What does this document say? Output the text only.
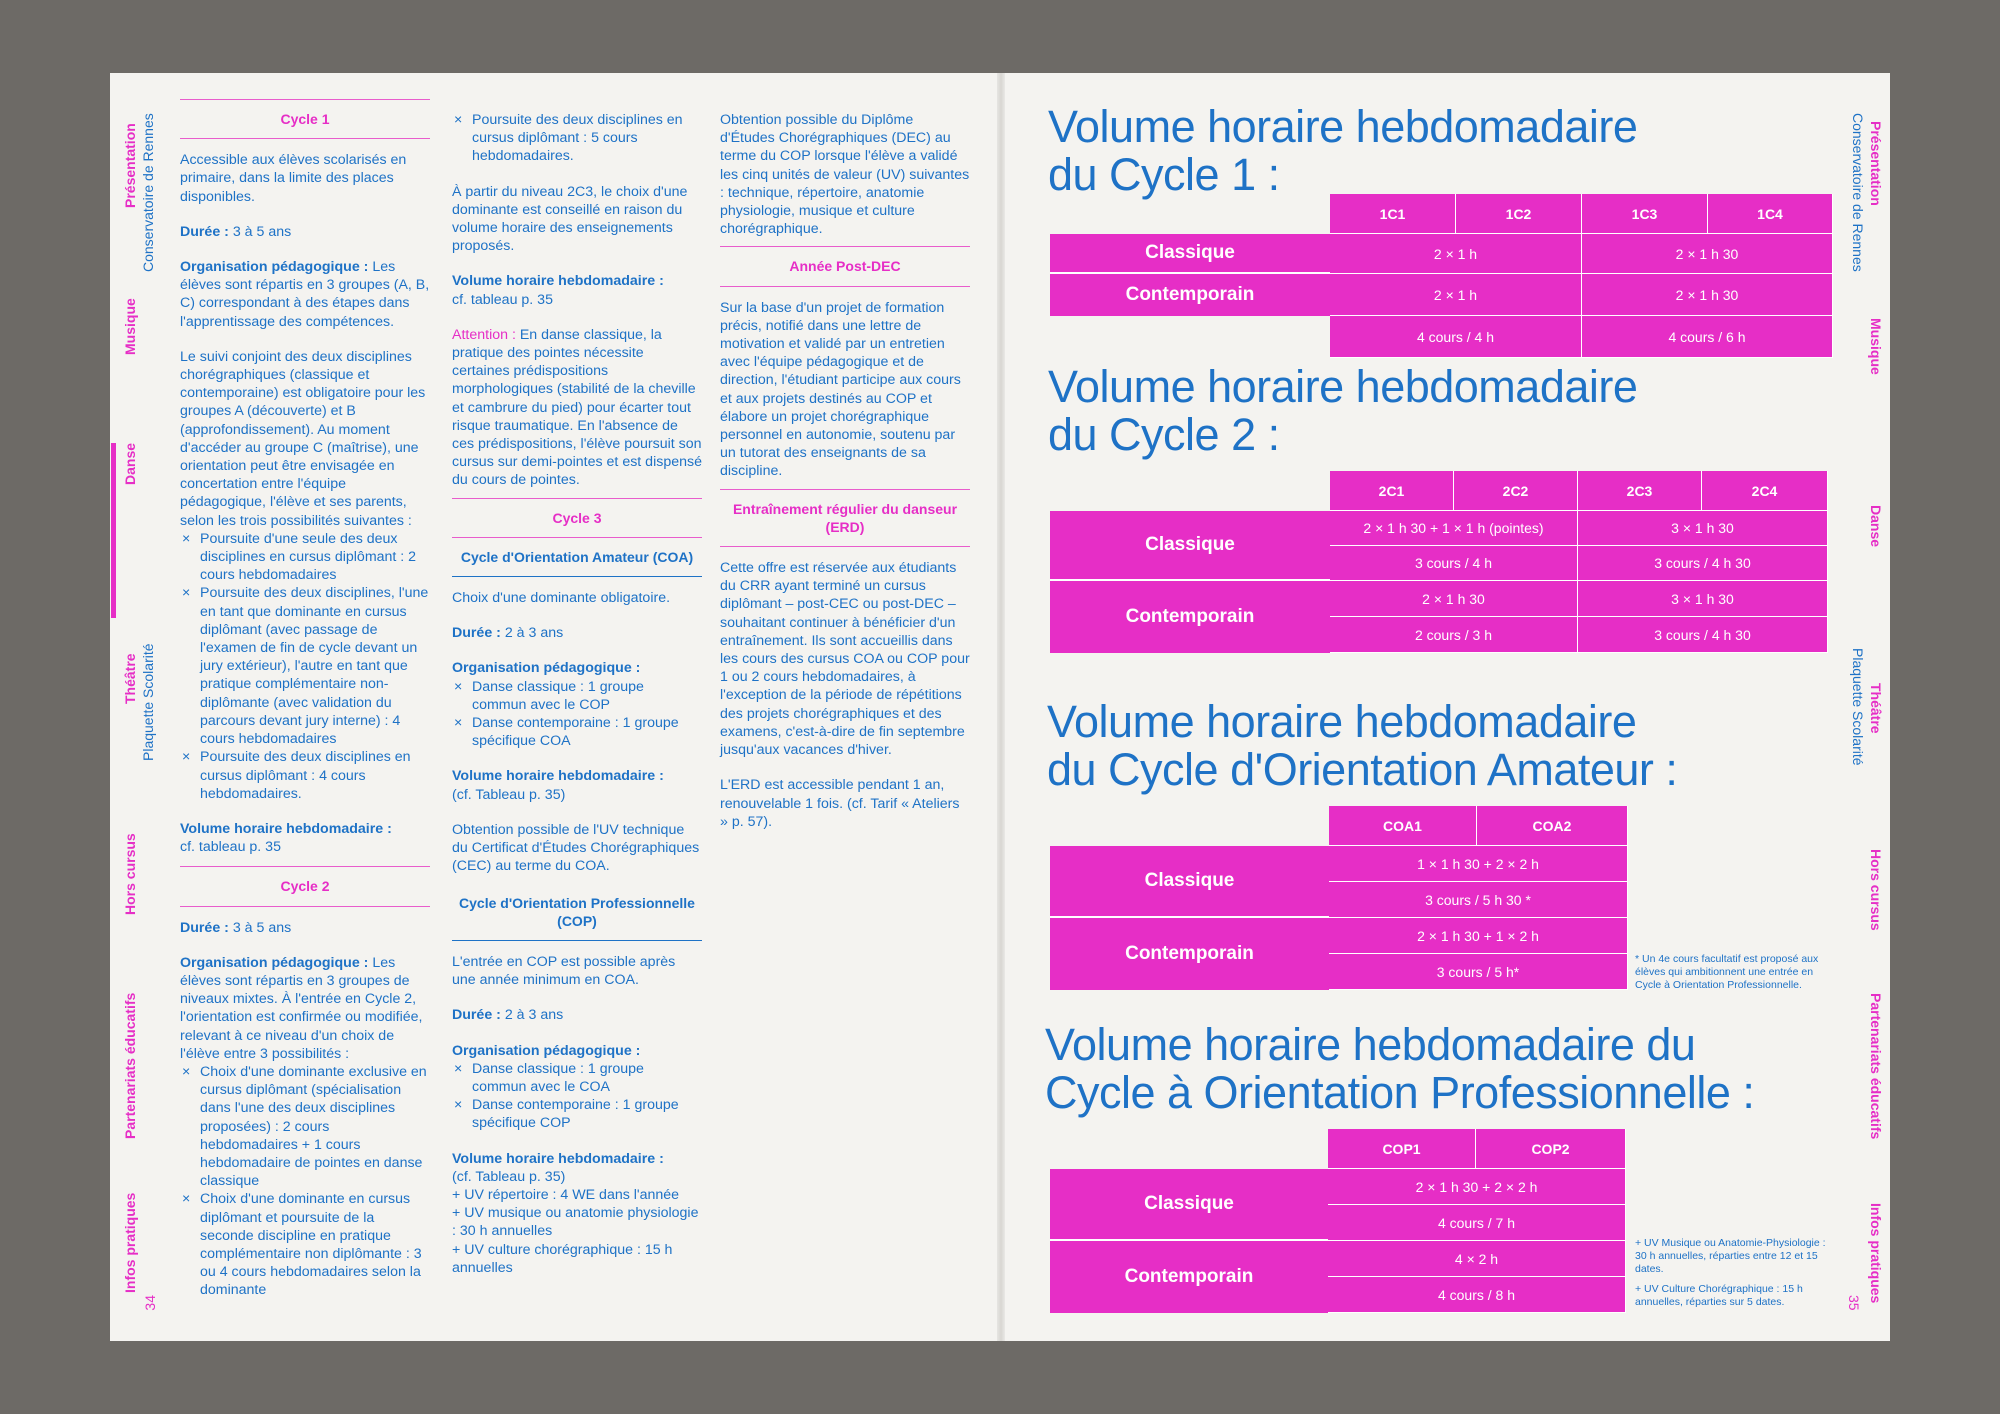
Présentation Conservatoire de Rennes
Musique
Danse
Théâtre Plaquette Scolarité
Hors cursus
Partenariats éducatifs
Infos pratiques
34
Cycle 1

Accessible aux élèves scolarisés en primaire, dans la limite des places disponibles.

Durée : 3 à 5 ans

Organisation pédagogique : Les élèves sont répartis en 3 groupes (A, B, C) correspondant à des étapes dans l'apprentissage des compétences.

Le suivi conjoint des deux disciplines chorégraphiques (classique et contemporaine) est obligatoire pour les groupes A (découverte) et B (approfondissement). Au moment d'accéder au groupe C (maîtrise), une orientation peut être envisagée en concertation entre l'équipe pédagogique, l'élève et ses parents, selon les trois possibilités suivantes :

× Poursuite d'une seule des deux disciplines en cursus diplômant : 2 cours hebdomadaires
× Poursuite des deux disciplines, l'une en tant que dominante en cursus diplômant (avec passage de l'examen de fin de cycle devant un jury extérieur), l'autre en tant que pratique complémentaire non-diplômante (avec validation du parcours devant jury interne) : 4 cours hebdomadaires
× Poursuite des deux disciplines en cursus diplômant : 4 cours hebdomadaires.

Volume horaire hebdomadaire :
cf. tableau p. 35

Cycle 2

Durée : 3 à 5 ans

Organisation pédagogique : Les élèves sont répartis en 3 groupes de niveaux mixtes. À l'entrée en Cycle 2, l'orientation est confirmée ou modifiée, relevant à ce niveau d'un choix de l'élève entre 3 possibilités :

× Choix d'une dominante exclusive en cursus diplômant (spécialisation dans l'une des deux disciplines proposées) : 2 cours hebdomadaires + 1 cours hebdomadaire de pointes en danse classique
× Choix d'une dominante en cursus diplômant et poursuite de la seconde discipline en pratique complémentaire non diplômante : 3 ou 4 cours hebdomadaires selon la dominante
× Poursuite des deux disciplines en cursus diplômant : 5 cours hebdomadaires.

À partir du niveau 2C3, le choix d'une dominante est conseillé en raison du volume horaire des enseignements proposés.

Volume horaire hebdomadaire :
cf. tableau p. 35

Attention : En danse classique, la pratique des pointes nécessite certaines prédispositions morphologiques (stabilité de la cheville et cambrure du pied) pour écarter tout risque traumatique. En l'absence de ces prédispositions, l'élève poursuit son cursus sur demi-pointes et est dispensé du cours de pointes.

Cycle 3
Cycle d'Orientation Amateur (COA)

Choix d'une dominante obligatoire.

Durée : 2 à 3 ans

Organisation pédagogique :

× Danse classique : 1 groupe commun avec le COP
× Danse contemporaine : 1 groupe spécifique COA

Volume horaire hebdomadaire :
(cf. Tableau p. 35)

Obtention possible de l'UV technique du Certificat d'Études Chorégraphiques (CEC) au terme du COA.

Cycle d'Orientation Professionnelle (COP)

L'entrée en COP est possible après une année minimum en COA.

Durée : 2 à 3 ans

Organisation pédagogique :

× Danse classique : 1 groupe commun avec le COA
× Danse contemporaine : 1 groupe spécifique COP

Volume horaire hebdomadaire :

(cf. Tableau p. 35)
+ UV répertoire : 4 WE dans l'année
+ UV musique ou anatomie physiologie : 30 h annuelles
+ UV culture chorégraphique : 15 h annuelles

Obtention possible du Diplôme d'Études Chorégraphiques (DEC) au terme du COP lorsque l'élève a validé les cinq unités de valeur (UV) suivantes : technique, répertoire, anatomie physiologie, musique et culture chorégraphique.

Année Post-DEC

Sur la base d'un projet de formation précis, notifié dans une lettre de motivation et validé par un entretien avec l'équipe pédagogique et de direction, l'étudiant participe aux cours et aux projets destinés au COP et élabore un projet chorégraphique personnel en autonomie, soutenu par un tutorat des enseignants de sa discipline.

Entraînement régulier du danseur (ERD)

Cette offre est réservée aux étudiants du CRR ayant terminé un cursus diplômant – post-CEC ou post-DEC – souhaitant continuer à bénéficier d'un entraînement. Ils sont accueillis dans les cours des cursus COA ou COP pour 1 ou 2 cours hebdomadaires, à l'exception de la période de répétitions des projets chorégraphiques et des examens, c'est-à-dire de fin septembre jusqu'aux vacances d'hiver.

L'ERD est accessible pendant 1 an, renouvelable 1 fois. (cf. Tarif « Ateliers » p. 57).

Présentation
Conservatoire de Rennes
Musique
Danse
Théâtre
Plaquette Scolarité
Hors cursus
Partenariats éducatifs
Infos pratiques
35
Volume horaire hebdomadaire
du Cycle 1 :
1C1	1C2	1C3	1C4
Classique	2 × 1 h	2 × 1 h 30
Contemporain	2 × 1 h	2 × 1 h 30
4 cours / 4 h	4 cours / 6 h
Volume horaire hebdomadaire
du Cycle 2 :
2C1	2C2	2C3	2C4
Classique
2 × 1 h 30 + 1 × 1 h (pointes)	3 × 1 h 30
3 cours / 4 h	3 cours / 4 h 30
Contemporain
2 × 1 h 30	3 × 1 h 30
2 cours / 3 h	3 cours / 4 h 30
Volume horaire hebdomadaire
du Cycle d'Orientation Amateur :
COA1	COA2
Classique
1 × 1 h 30 + 2 × 2 h
3 cours / 5 h 30 *
Contemporain
2 × 1 h 30 + 1 × 2 h
3 cours / 5 h*
* Un 4e cours facultatif est proposé aux élèves qui ambitionnent une entrée en Cycle à Orientation Professionnelle.
Volume horaire hebdomadaire du
Cycle à Orientation Professionnelle :
COP1	COP2
Classique
2 × 1 h 30 + 2 × 2 h
4 cours / 7 h
Contemporain
4 × 2 h
4 cours / 8 h
+ UV Musique ou Anatomie-Physiologie : 30 h annuelles, réparties entre 12 et 15 dates.
+ UV Culture Chorégraphique : 15 h annuelles, réparties sur 5 dates.
